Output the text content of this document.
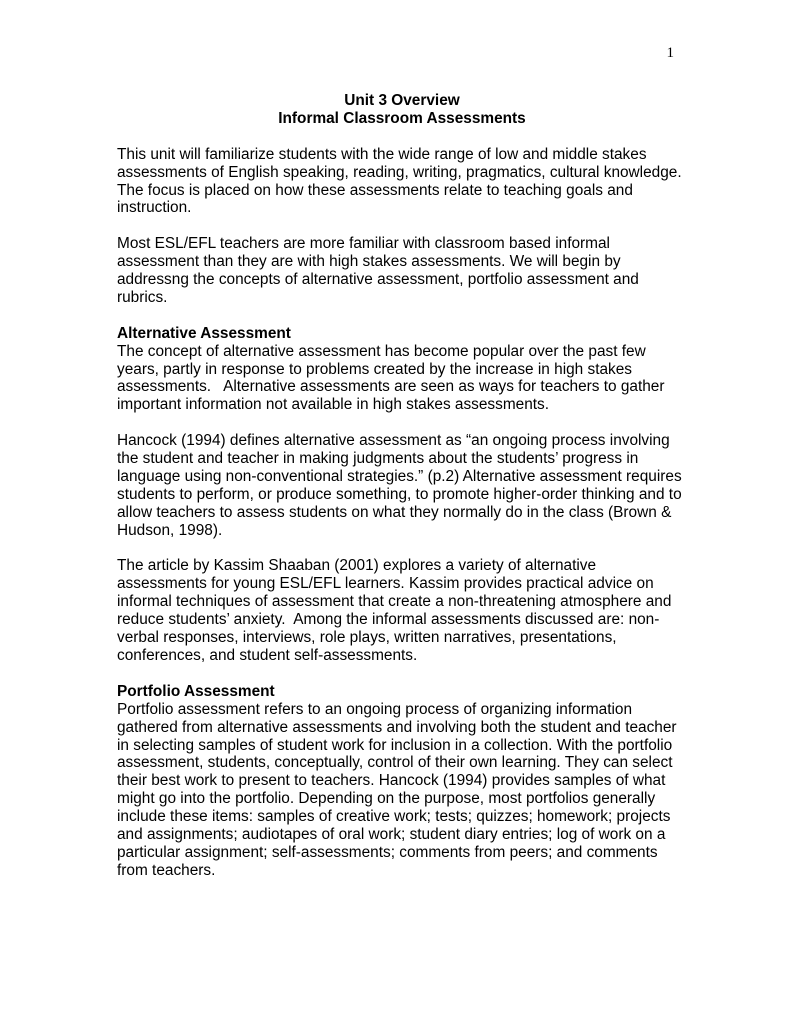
1
Unit 3 Overview
Informal Classroom Assessments

This unit will familiarize students with the wide range of low and middle stakes assessments of English speaking, reading, writing, pragmatics, cultural knowledge. The focus is placed on how these assessments relate to teaching goals and instruction.

Most ESL/EFL teachers are more familiar with classroom based informal assessment than they are with high stakes assessments. We will begin by addressng the concepts of alternative assessment, portfolio assessment and rubrics.

Alternative Assessment
The concept of alternative assessment has become popular over the past few years, partly in response to problems created by the increase in high stakes assessments.   Alternative assessments are seen as ways for teachers to gather important information not available in high stakes assessments.

Hancock (1994) defines alternative assessment as “an ongoing process involving the student and teacher in making judgments about the students’ progress in language using non-conventional strategies.” (p.2) Alternative assessment requires students to perform, or produce something, to promote higher-order thinking and to allow teachers to assess students on what they normally do in the class (Brown & Hudson, 1998).

The article by Kassim Shaaban (2001) explores a variety of alternative assessments for young ESL/EFL learners. Kassim provides practical advice on informal techniques of assessment that create a non-threatening atmosphere and reduce students’ anxiety.  Among the informal assessments discussed are: non-verbal responses, interviews, role plays, written narratives, presentations, conferences, and student self-assessments.

Portfolio Assessment
Portfolio assessment refers to an ongoing process of organizing information gathered from alternative assessments and involving both the student and teacher in selecting samples of student work for inclusion in a collection. With the portfolio assessment, students, conceptually, control of their own learning. They can select their best work to present to teachers. Hancock (1994) provides samples of what might go into the portfolio. Depending on the purpose, most portfolios generally include these items: samples of creative work; tests; quizzes; homework; projects and assignments; audiotapes of oral work; student diary entries; log of work on a particular assignment; self-assessments; comments from peers; and comments from teachers.
